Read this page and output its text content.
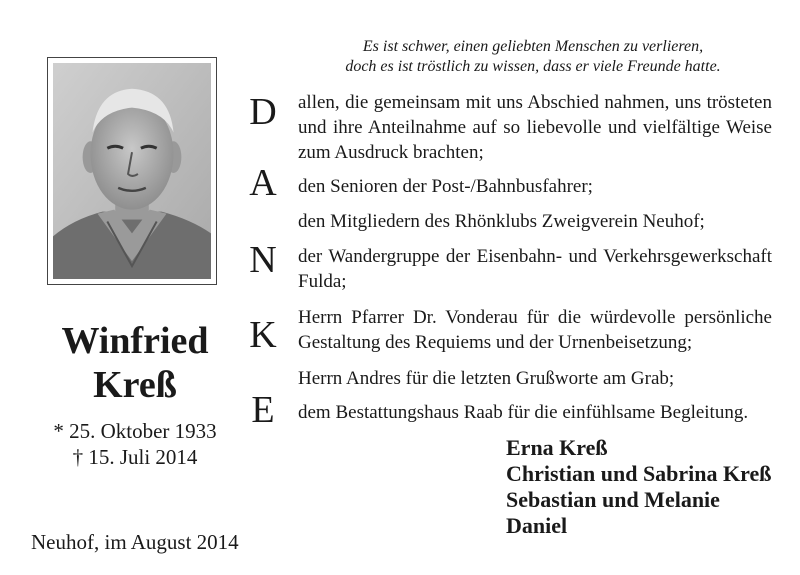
Winfried
Kreß
* 25. Oktober 1933
† 15. Juli 2014
Neuhof, im August 2014
Es ist schwer, einen geliebten Menschen zu verlieren,
doch es ist tröstlich zu wissen, dass er viele Freunde hatte.
D
A
N
K
E
allen, die gemeinsam mit uns Abschied nahmen, uns trösteten und ihre Anteilnahme auf so liebevolle und vielfältige Weise zum Ausdruck brachten;
den Senioren der Post-/Bahnbusfahrer;
den Mitgliedern des Rhönklubs Zweigverein Neuhof;
der Wandergruppe der Eisenbahn- und Verkehrsgewerkschaft Fulda;
Herrn Pfarrer Dr. Vonderau für die würdevolle persönliche Gestaltung des Requiems und der Urnenbeisetzung;
Herrn Andres für die letzten Grußworte am Grab;
dem Bestattungshaus Raab für die einfühlsame Begleitung.
Erna Kreß
Christian und Sabrina Kreß
Sebastian und Melanie
Daniel
